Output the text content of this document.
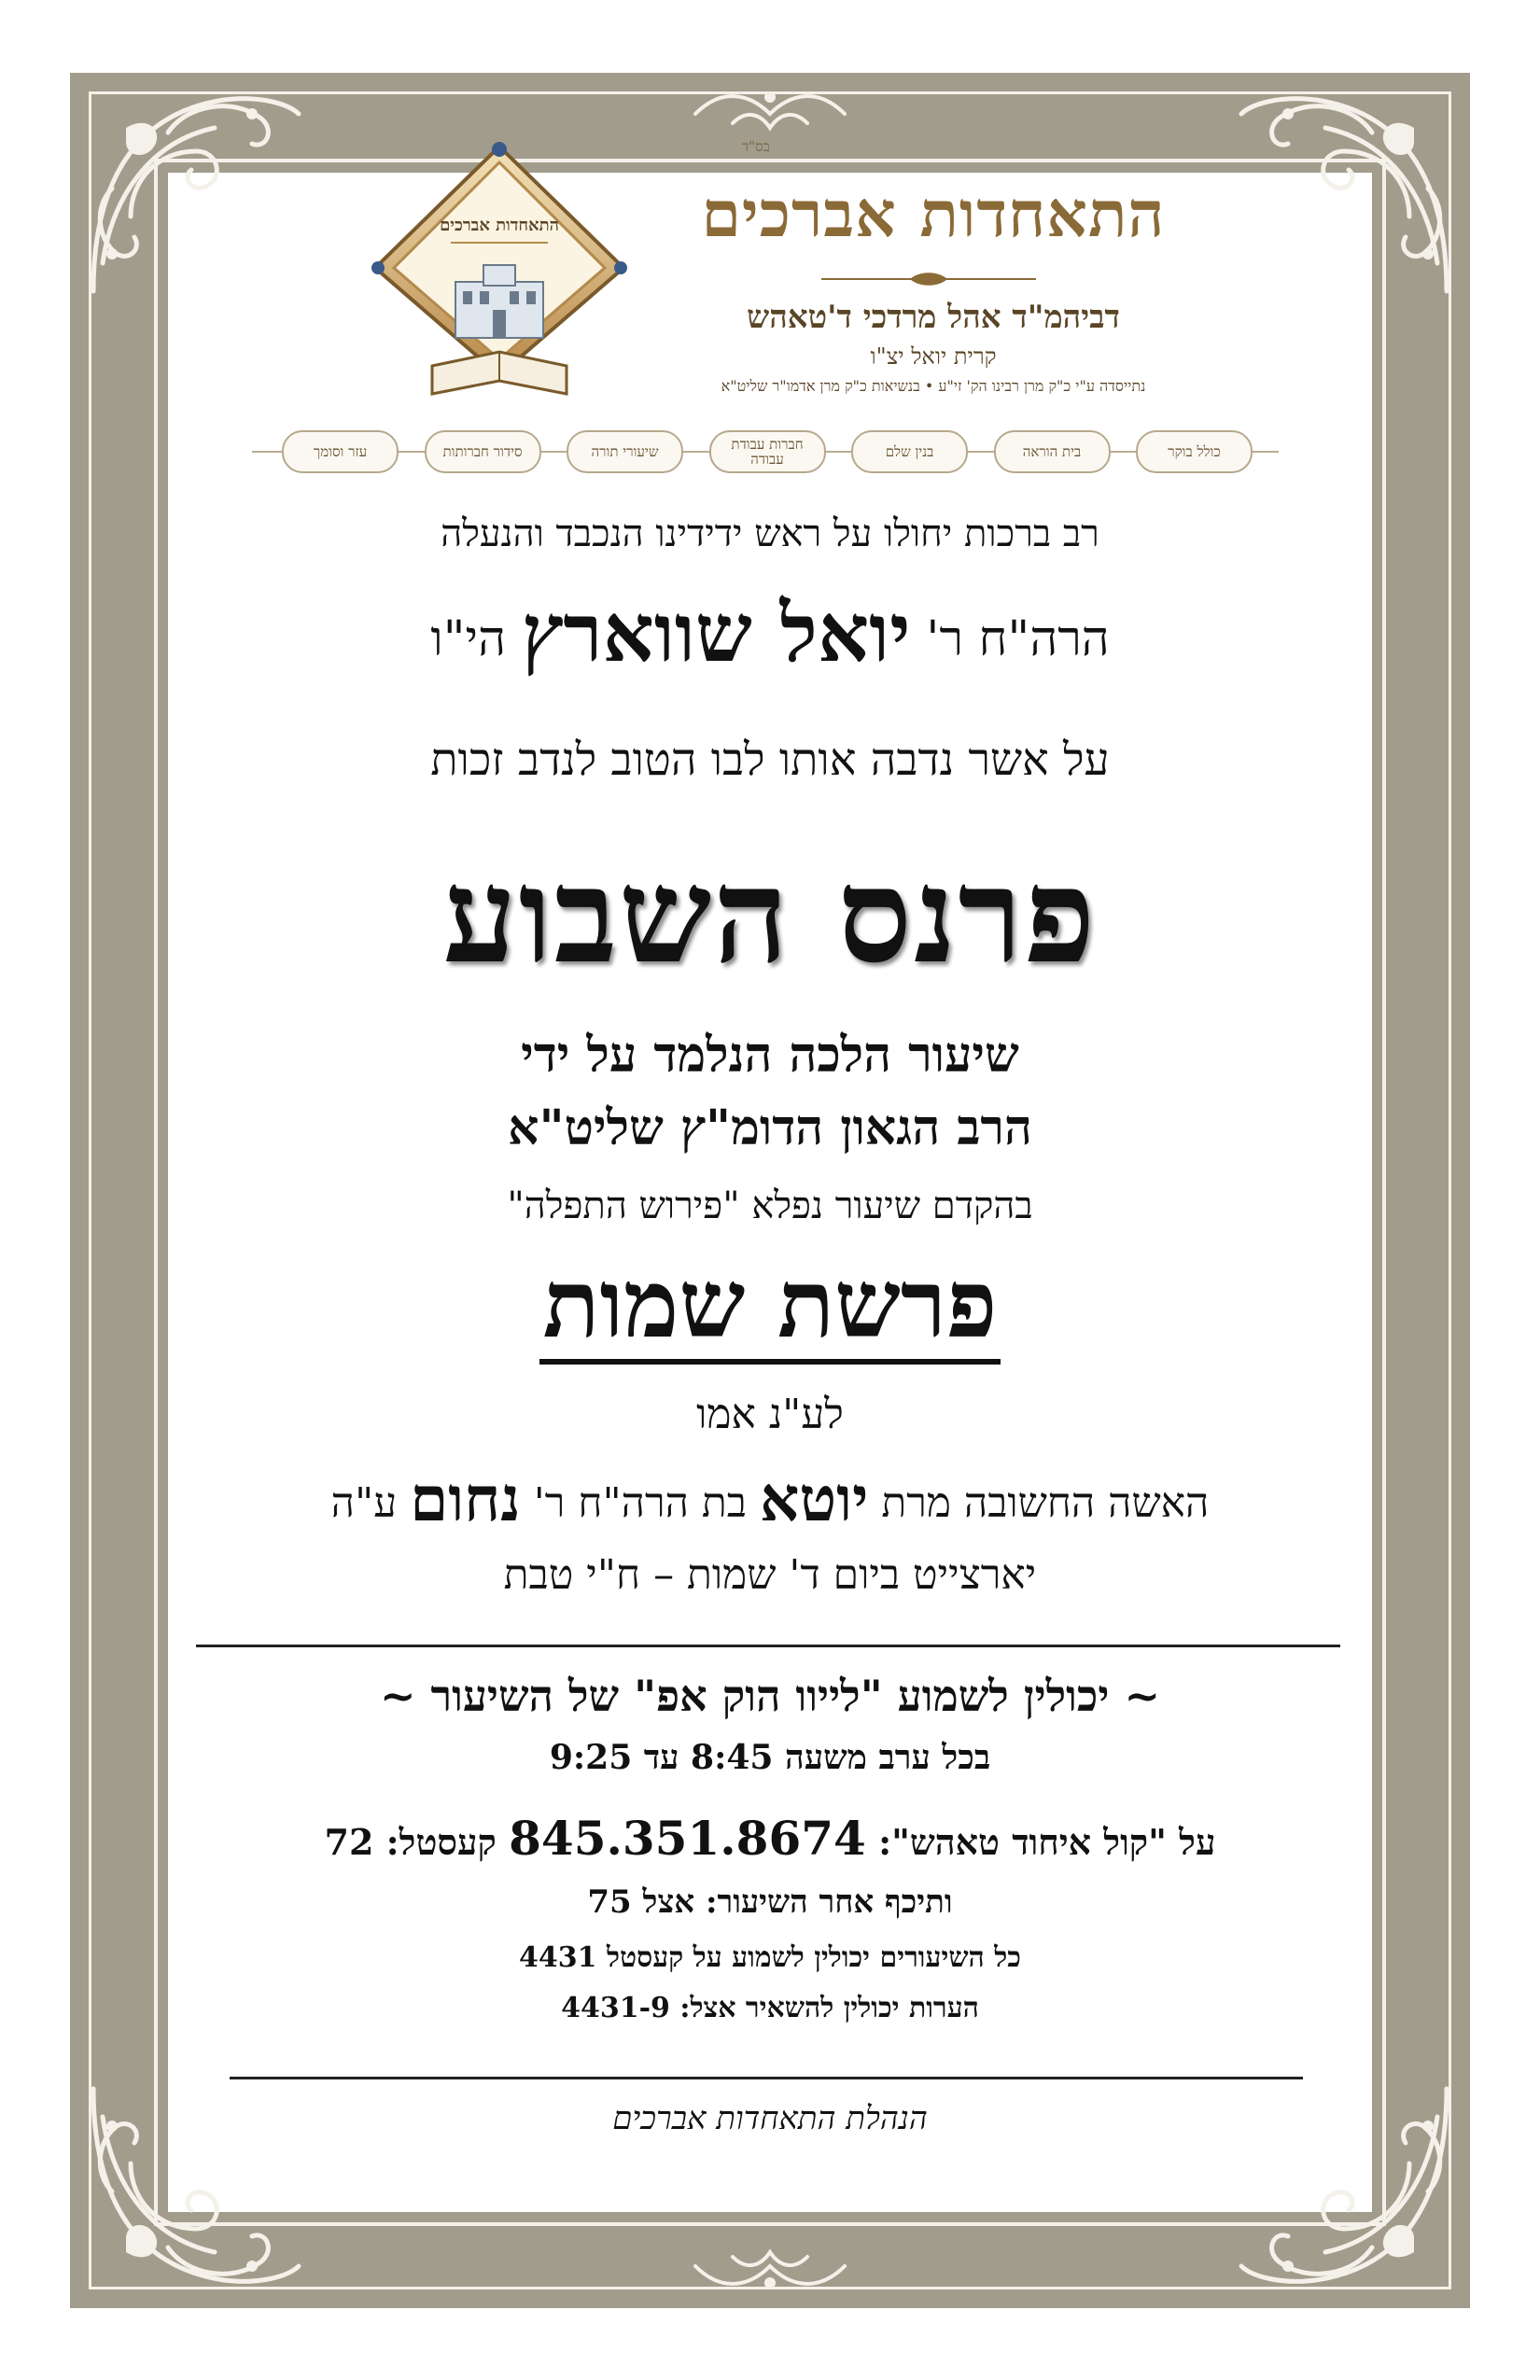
בס"ד
התאחדות אברכים
דביהמ"ד אהל מרדכי ד'טאהש
קרית יואל יצ"ו
נתייסדה ע"י כ"ק מרן רבינו הק' זי"ע • בנשיאות כ"ק מרן אדמו"ר שליט"א
התאחדות אברכים
כולל בוקר
בית הוראה
בנין שלם
חברות עבודת עבודה
שיעורי תורה
סידור חברותות
עזר וסומך
רב ברכות יחולו על ראש ידידינו הנכבד והנעלה
הרה"ח ר' יואל שווארץ הי"ו
על אשר נדבה אותו לבו הטוב לנדב זכות
פרנס השבוע
שיעור הלכה הנלמד על ידי
הרב הגאון הדומ"ץ שליט"א
בהקדם שיעור נפלא "פירוש התפלה"
פרשת שמות
לע"נ אמו
האשה החשובה מרת יוטא בת הרה"ח ר' נחום ע"ה
יארצייט ביום ד' שמות – ח"י טבת
~ יכולין לשמוע "לייוו הוק אפ" של השיעור ~
בכל ערב משעה 8:45 עד 9:25
על "קול איחוד טאהש": 845.351.8674 קעסטל: 72
ותיכף אחר השיעור: אצל 75
כל השיעורים יכולין לשמוע על קעסטל 4431
הערות יכולין להשאיר אצל: 4431-9
הנהלת התאחדות אברכים
